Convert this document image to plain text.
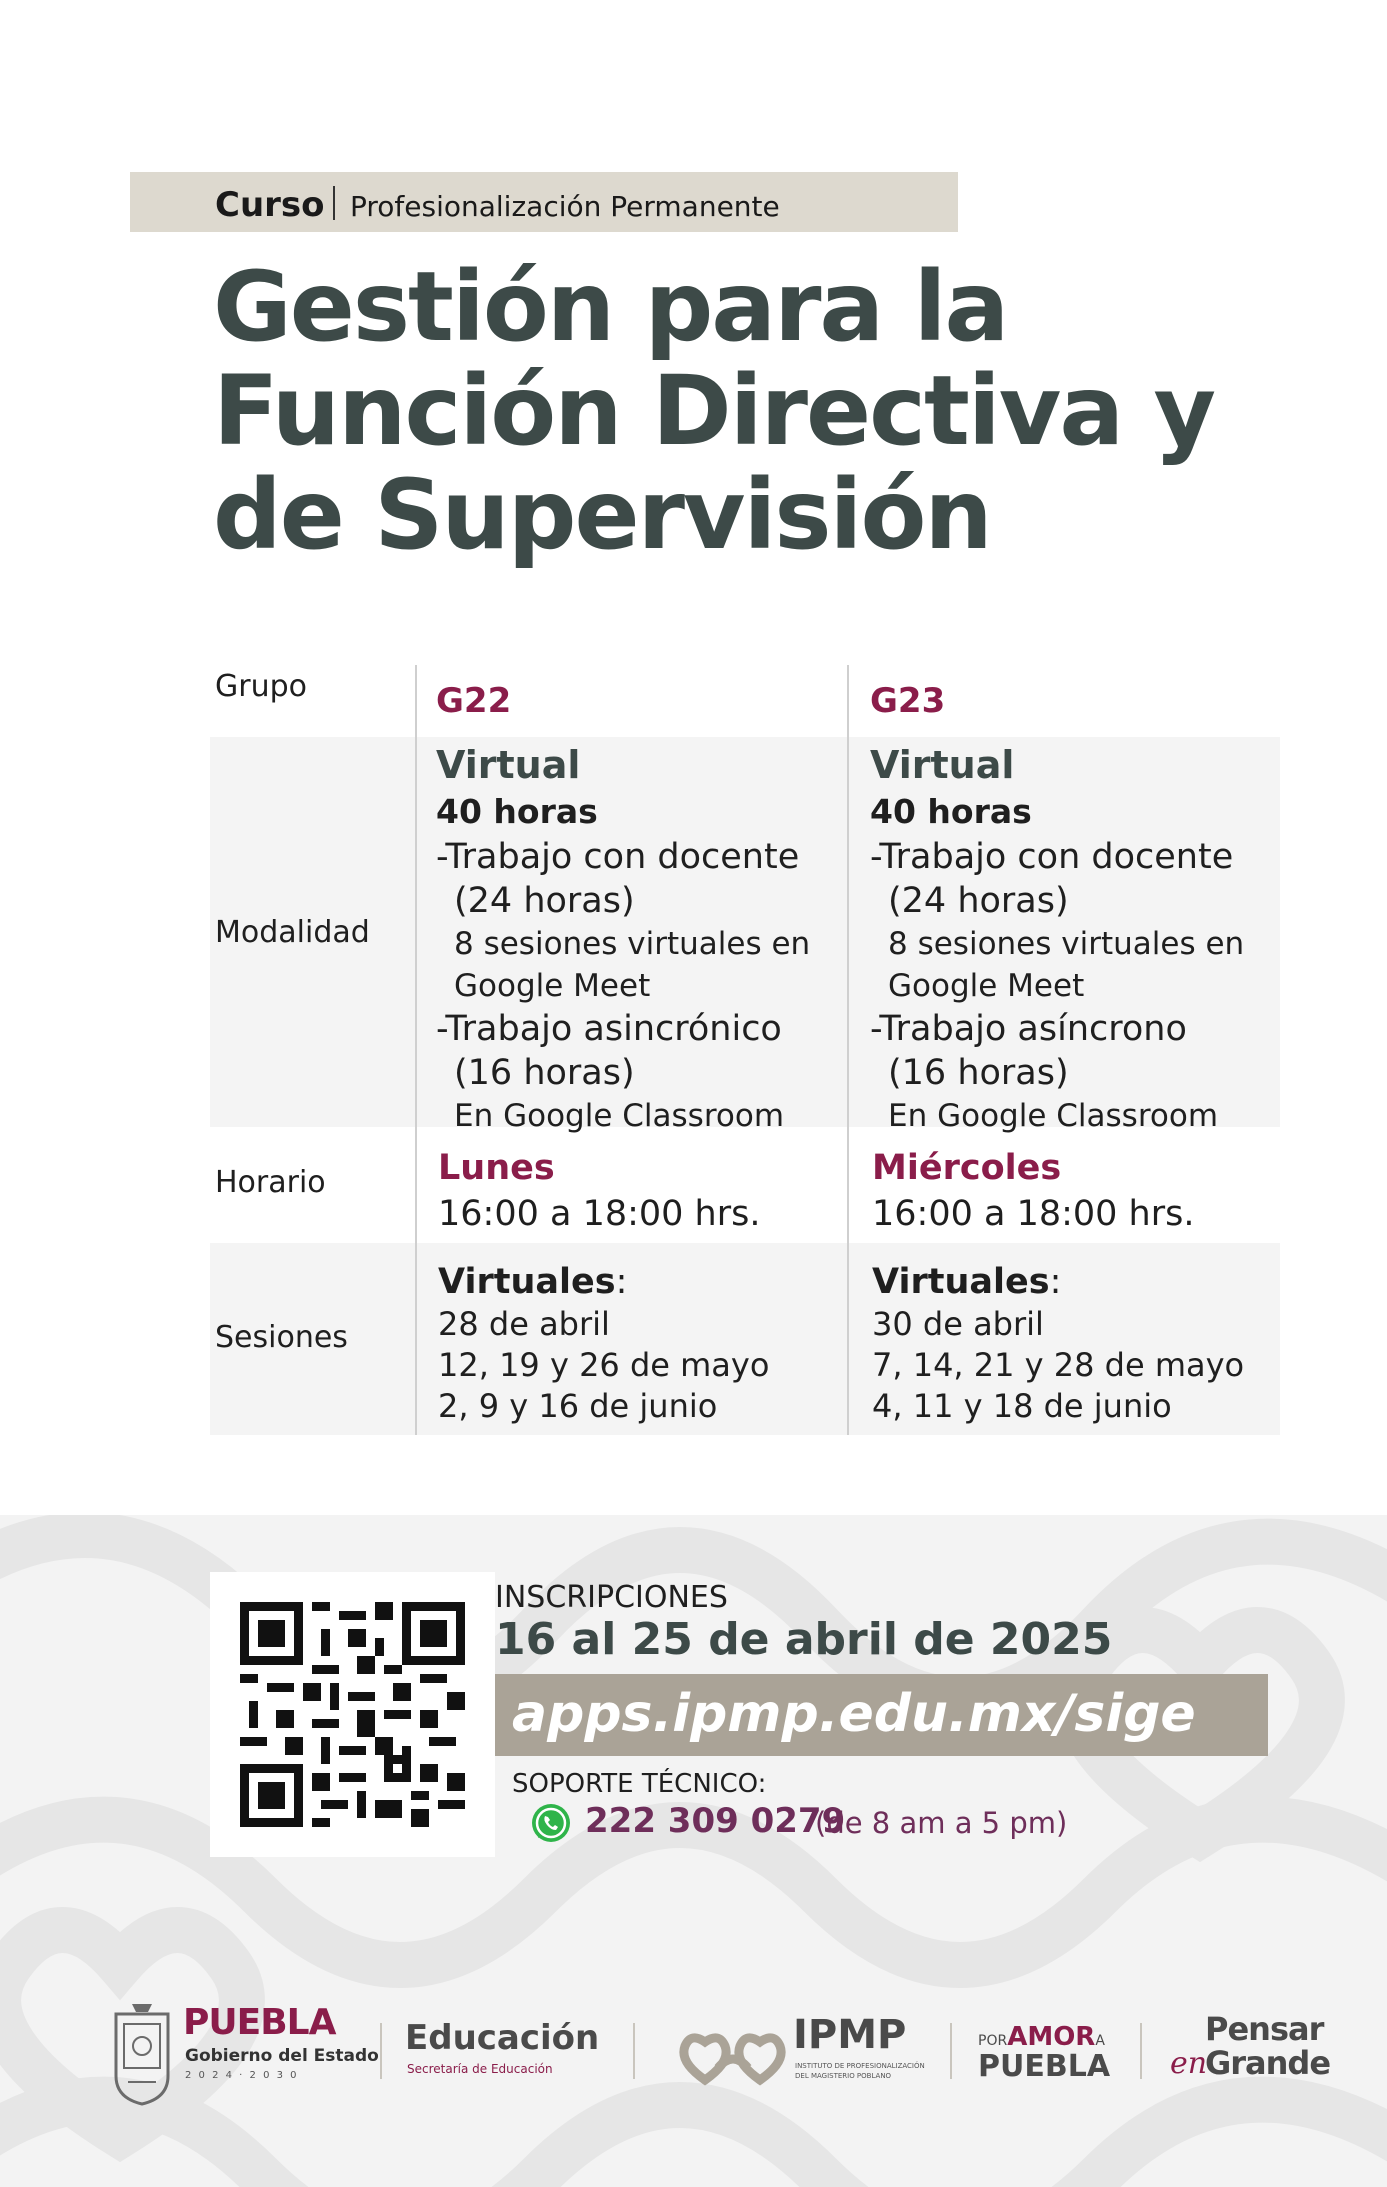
Curso Profesionalización Permanente
Gestión para la
Función Directiva y
de Supervisión
Grupo
Modalidad
Horario
Sesiones
G22
Virtual
40 horas
-Trabajo con docente
(24 horas)
8 sesiones virtuales en
Google Meet
-Trabajo asincrónico
(16 horas)
En Google Classroom
Lunes
16:00 a 18:00 hrs.
Virtuales:
28 de abril
12, 19 y 26 de mayo
2, 9 y 16 de junio
G23
Virtual
40 horas
-Trabajo con docente
(24 horas)
8 sesiones virtuales en
Google Meet
-Trabajo asíncrono
(16 horas)
En Google Classroom
Miércoles
16:00 a 18:00 hrs.
Virtuales:
30 de abril
7, 14, 21 y 28 de mayo
4, 11 y 18 de junio
INSCRIPCIONES
16 al 25 de abril de 2025
apps.ipmp.edu.mx/sige
SOPORTE TÉCNICO:
222 309 0279
(de 8 am a 5 pm)
PUEBLA
Gobierno del Estado
2 0 2 4 · 2 0 3 0
Educación
Secretaría de Educación
IPMP
INSTITUTO DE PROFESIONALIZACIÓN
DEL MAGISTERIO POBLANO
PORAMORA
PUEBLA
Pensar
en
Grande
